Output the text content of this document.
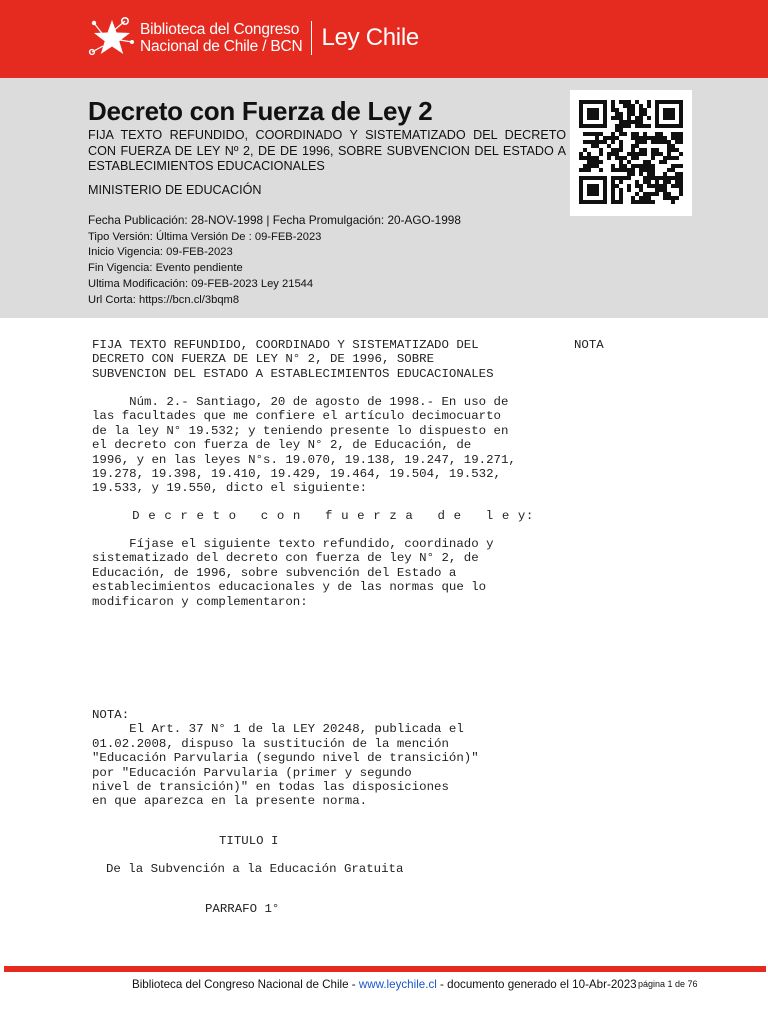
Biblioteca del Congreso
Nacional de Chile / BCN Ley Chile
Decreto con Fuerza de Ley 2
FIJA TEXTO REFUNDIDO, COORDINADO Y SISTEMATIZADO DEL DECRETO CON FUERZA DE LEY Nº 2, DE DE 1996, SOBRE SUBVENCION DEL ESTADO A ESTABLECIMIENTOS EDUCACIONALES
MINISTERIO DE EDUCACIÓN
Fecha Publicación: 28-NOV-1998 | Fecha Promulgación: 20-AGO-1998
Tipo Versión: Última Versión De : 09-FEB-2023
Inicio Vigencia: 09-FEB-2023
Fin Vigencia: Evento pendiente
Ultima Modificación: 09-FEB-2023 Ley 21544
Url Corta: https://bcn.cl/3bqm8
FIJA TEXTO REFUNDIDO, COORDINADO Y SISTEMATIZADO DEL
DECRETO CON FUERZA DE LEY N° 2, DE 1996, SOBRE
SUBVENCION DEL ESTADO A ESTABLECIMIENTOS EDUCACIONALES
NOTA
Núm. 2.- Santiago, 20 de agosto de 1998.- En uso de
las facultades que me confiere el artículo decimocuarto
de la ley N° 19.532; y teniendo presente lo dispuesto en
el decreto con fuerza de ley N° 2, de Educación, de
1996, y en las leyes N°s. 19.070, 19.138, 19.247, 19.271,
19.278, 19.398, 19.410, 19.429, 19.464, 19.504, 19.532,
19.533, y 19.550, dicto el siguiente:
D e c r e t o   c o n   f u e r z a   d e   l e y:
Fíjase el siguiente texto refundido, coordinado y
sistematizado del decreto con fuerza de ley N° 2, de
Educación, de 1996, sobre subvención del Estado a
establecimientos educacionales y de las normas que lo
modificaron y complementaron:
NOTA:
El Art. 37 N° 1 de la LEY 20248, publicada el
01.02.2008, dispuso la sustitución de la mención
"Educación Parvularia (segundo nivel de transición)"
por "Educación Parvularia (primer y segundo
nivel de transición)" en todas las disposiciones
en que aparezca en la presente norma.
TITULO I
De la Subvención a la Educación Gratuita
PARRAFO 1°
Biblioteca del Congreso Nacional de Chile - www.leychile.cl - documento generado el 10-Abr-2023 página 1 de 76
